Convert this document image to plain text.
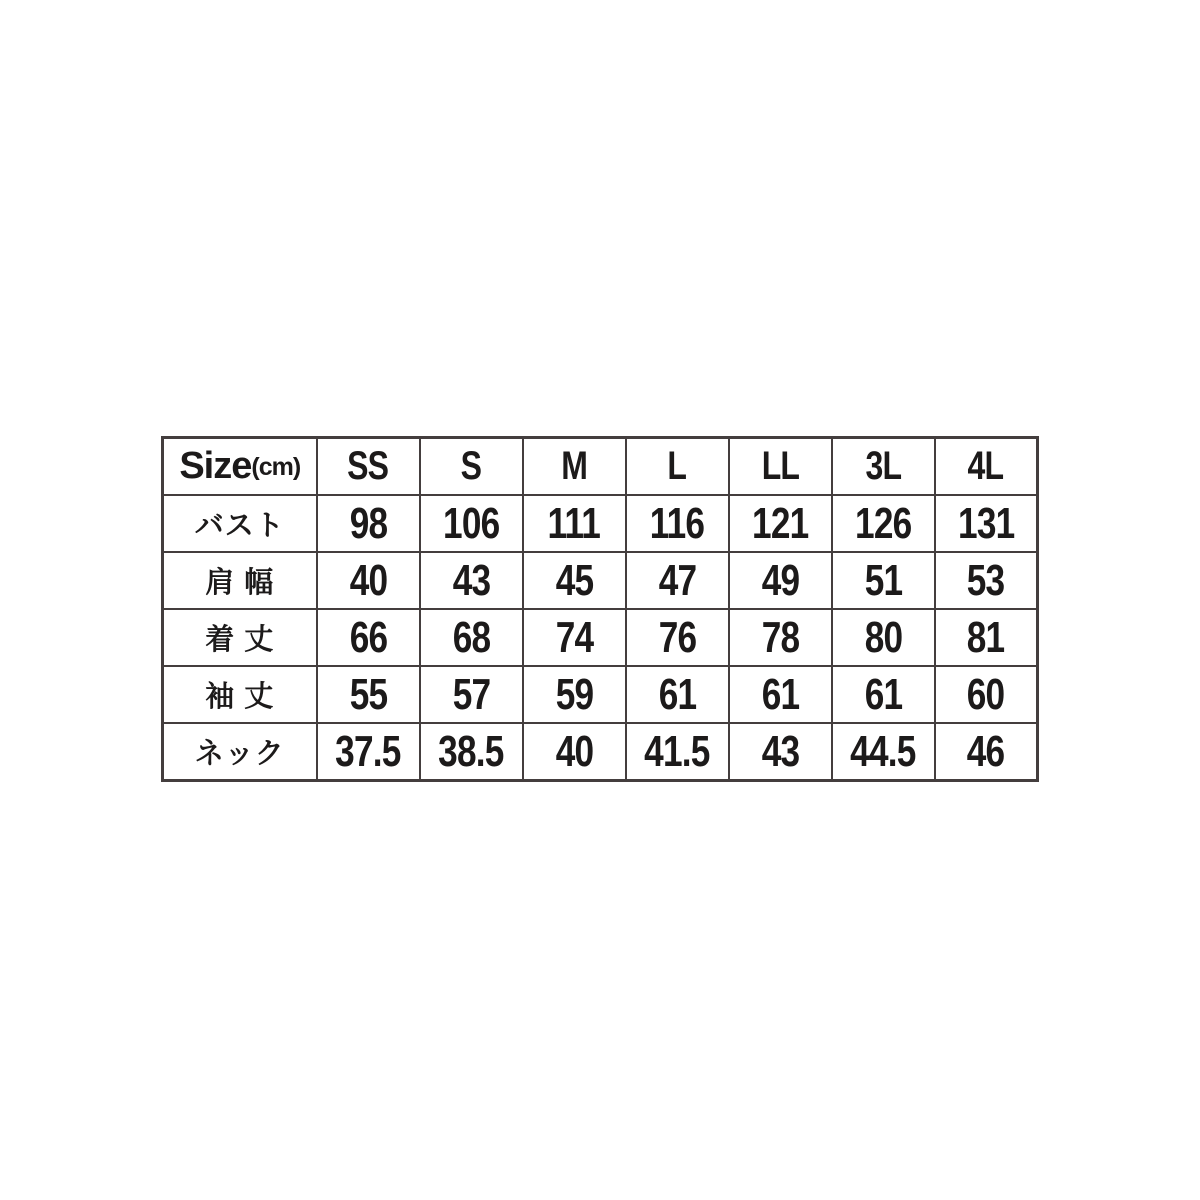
Size(cm)	SS	S	M	L	LL	3L	4L
バスト	98	106	111	116	121	126	131
肩 幅	40	43	45	47	49	51	53
着 丈	66	68	74	76	78	80	81
袖 丈	55	57	59	61	61	61	60
ネック	37.5	38.5	40	41.5	43	44.5	46
